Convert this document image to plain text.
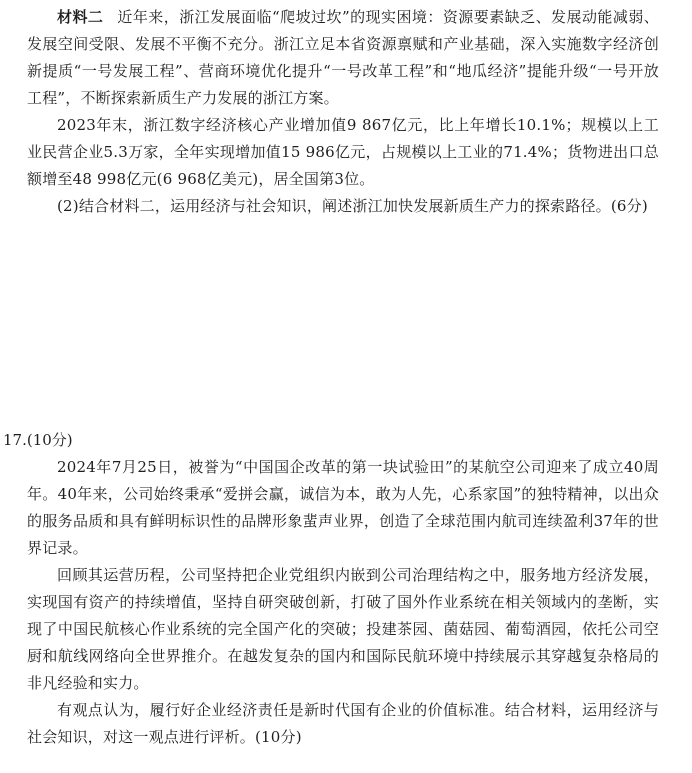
材料二 近年来，浙江发展面临“爬坡过坎”的现实困境：资源要素缺乏、发展动能减弱、发展空间受限、发展不平衡不充分。浙江立足本省资源禀赋和产业基础，深入实施数字经济创新提质“一号发展工程”、营商环境优化提升“一号改革工程”和“地瓜经济”提能升级“一号开放工程”，不断探索新质生产力发展的浙江方案。

2023年末，浙江数字经济核心产业增加值9 867亿元，比上年增长10.1%；规模以上工业民营企业5.3万家，全年实现增加值15 986亿元，占规模以上工业的71.4%；货物进出口总额增至48 998亿元(6 968亿美元)，居全国第3位。

(2)结合材料二，运用经济与社会知识，阐述浙江加快发展新质生产力的探索路径。(6分)

17.(10分)

2024年7月25日，被誉为“中国国企改革的第一块试验田”的某航空公司迎来了成立40周年。40年来，公司始终秉承“爱拼会赢，诚信为本，敢为人先，心系家国”的独特精神，以出众的服务品质和具有鲜明标识性的品牌形象蜚声业界，创造了全球范围内航司连续盈利37年的世界记录。

回顾其运营历程，公司坚持把企业党组织内嵌到公司治理结构之中，服务地方经济发展，实现国有资产的持续增值，坚持自研突破创新，打破了国外作业系统在相关领域内的垄断，实现了中国民航核心作业系统的完全国产化的突破；投建茶园、菌菇园、葡萄酒园，依托公司空厨和航线网络向全世界推介。在越发复杂的国内和国际民航环境中持续展示其穿越复杂格局的非凡经验和实力。

有观点认为，履行好企业经济责任是新时代国有企业的价值标准。结合材料，运用经济与社会知识，对这一观点进行评析。(10分)
